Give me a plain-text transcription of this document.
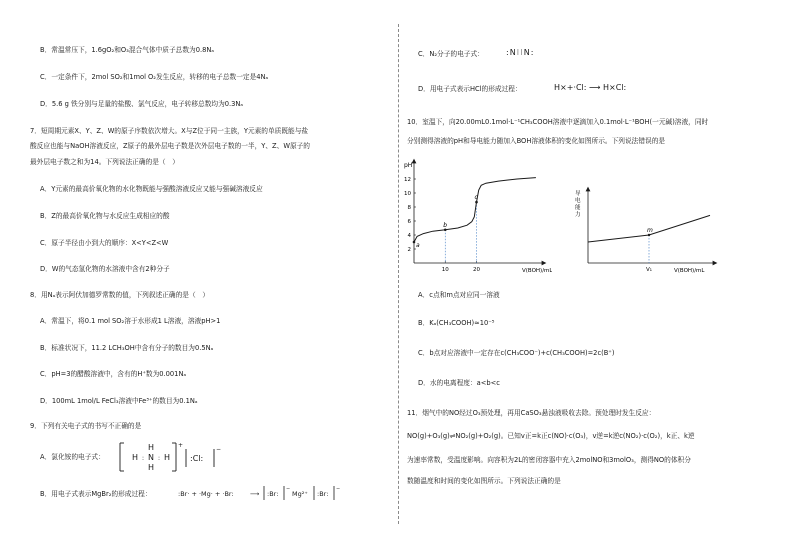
B．常温常压下，1.6gO₂和O₃混合气体中质子总数为0.8Nₐ
C．一定条件下，2mol SO₂和1mol O₂发生反应，转移的电子总数一定是4Nₐ
D．5.6 g 铁分别与足量的盐酸、氯气反应，电子转移总数均为0.3Nₐ
7．短周期元素X、Y、Z、W的原子序数依次增大。X与Z位于同一主族，Y元素的单质既能与盐
酸反应也能与NaOH溶液反应，Z原子的最外层电子数是次外层电子数的一半，Y、Z、W原子的
最外层电子数之和为14。下列说法正确的是（　）
A．Y元素的最高价氧化物的水化物既能与强酸溶液反应又能与强碱溶液反应
B．Z的最高价氧化物与水反应生成相应的酸
C．原子半径由小到大的顺序：X<Y<Z<W
D．W的气态氢化物的水溶液中含有2种分子
8．用Nₐ表示阿伏加德罗常数的值，下列叙述正确的是（　）
A．常温下，将0.1 mol SO₂溶于水形成1 L溶液，溶液pH>1
B．标准状况下，11.2 LCH₃OH中含有分子的数目为0.5Nₐ
C．pH=3的醋酸溶液中，含有的H⁺数为0.001Nₐ
D．100mL 1mol/L FeCl₃溶液中Fe³⁺的数目为0.1Nₐ
9．下列有关电子式的书写不正确的是
A．氯化铵的电子式：
H
N
H
H	H
: :
+
:Cl:
−
B．用电子式表示MgBr₂的形成过程：	:Br· + ·Mg· + ·Br:	⟶ :Br:
−
Mg²⁺ :Br:
−
C．N₂分子的电子式：	:N⁝⁝N:
D．用电子式表示HCl的形成过程：	H×+·Cl: ⟶ H×Cl:
10．室温下，向20.00mL0.1mol·L⁻¹CH₃COOH溶液中逐滴加入0.1mol·L⁻¹BOH(一元碱)溶液，同时
分别测得溶液的pH和导电能力随加入BOH溶液体积的变化如图所示。下列说法错误的是
pH
V(BOH)/mL
2
4
6
8
10
12
10	20
a
b
c
导电能力
V(BOH)/mL
V₁
m
A．c点和m点对应同一溶液
B．Kₐ(CH₃COOH)≈10⁻⁵
C．b点对应溶液中一定存在c(CH₃COO⁻)+c(CH₃COOH)=2c(B⁺)
D．水的电离程度：a<b<c
11．烟气中的NO经过O₃预处理，再用CaSO₃悬浊液吸收去除。预处理时发生反应：
NO(g)+O₃(g)⇌NO₂(g)+O₂(g)。已知v正=k正c(NO)·c(O₃)，v逆=k逆c(NO₂)·c(O₂)，k正、k逆
为速率常数，受温度影响。向容积为2L的密闭容器中充入2molNO和3molO₃，测得NO的体积分
数随温度和时间的变化如图所示。下列说法正确的是
